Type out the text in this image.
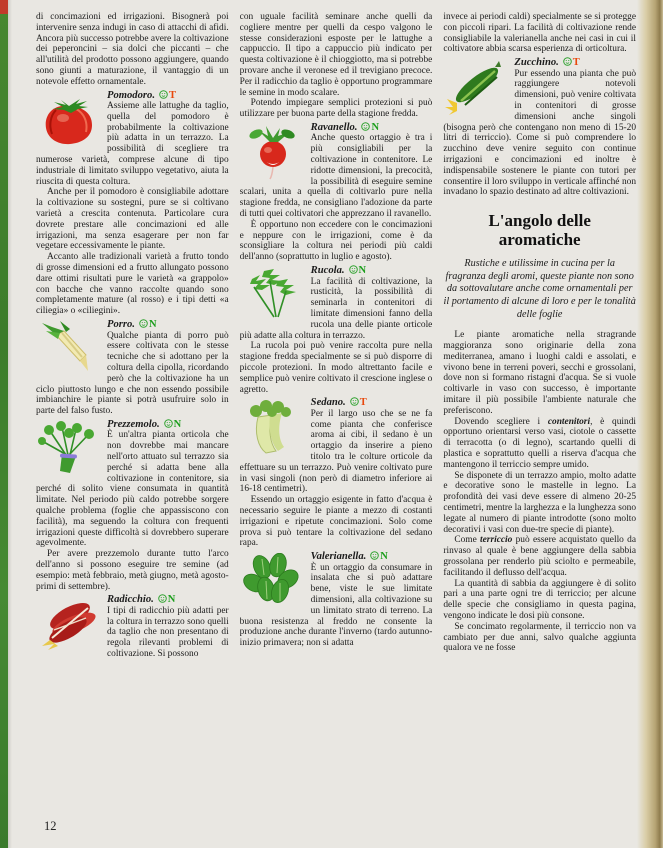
di concimazioni ed irrigazioni. Bisognerà poi intervenire senza indugi in caso di attacchi di afidi. Ancora più successo potrebbe avere la coltivazione dei peperoncini – sia dolci che piccanti – che all'utilità del prodotto possono aggiungere, quando sono giunti a maturazione, il vantaggio di un notevole effetto ornamentale.

Pomodoro. T

Assieme alle lattughe da taglio, quella del pomodoro è probabilmente la coltivazione più adatta in un terrazzo. La possibilità di scegliere tra numerose varietà, comprese alcune di tipo industriale di limitato sviluppo vegetativo, aiuta la riuscita di questa coltura.

Anche per il pomodoro è consigliabile adottare la coltivazione su sostegni, pure se si coltivano varietà a crescita contenuta. Particolare cura dovrete prestare alle concimazioni ed alle irrigazioni, ma senza esagerare per non far vegetare eccessivamente le piante.

Accanto alle tradizionali varietà a frutto tondo di grosse dimensioni ed a frutto allungato possono dare ottimi risultati pure le varietà «a grappolo» con bacche che vanno raccolte quando sono completamente mature (al rosso) e i tipi detti «a ciliegia» o «ciliegini».

Porro. N

Qualche pianta di porro può essere coltivata con le stesse tecniche che si adottano per la coltura della cipolla, ricordando però che la coltivazione ha un ciclo piuttosto lungo e che non essendo possibile imbianchire le piante si potrà usufruire solo in parte del falso fusto.

Prezzemolo. N

È un'altra pianta orticola che non dovrebbe mai mancare nell'orto attuato sul terrazzo sia perché si adatta bene alla coltivazione in contenitore, sia perché di solito viene consumata in quantità limitate. Nel periodo più caldo potrebbe sorgere qualche problema (foglie che appassiscono con facilità), ma seguendo la coltura con frequenti irrigazioni queste difficoltà si dovrebbero superare agevolmente.

Per avere prezzemolo durante tutto l'arco dell'anno si possono eseguire tre semine (ad esempio: metà febbraio, metà giugno, metà agosto-primi di settembre).

Radicchio. N

I tipi di radicchio più adatti per la coltura in terrazzo sono quelli da taglio che non presentano di regola rilevanti problemi di coltivazione. Si possono

con uguale facilità seminare anche quelli da cogliere mentre per quelli da cespo valgono le stesse considerazioni esposte per le lattughe a cappuccio. Il tipo a cappuccio più indicato per questa coltivazione è il chioggiotto, ma si potrebbe provare anche il veronese ed il trevigiano precoce. Per il radicchio da taglio è opportuno programmare le semine in modo scalare.

Potendo impiegare semplici protezioni si può utilizzare per buona parte della stagione fredda.

Ravanello. N

Anche questo ortaggio è tra i più consigliabili per la coltivazione in contenitore. Le ridotte dimensioni, la precocità, la possibilità di eseguire semine scalari, unita a quella di coltivarlo pure nella stagione fredda, ne consigliano l'adozione da parte di tutti quei coltivatori che apprezzano il ravanello.

È opportuno non eccedere con le concimazioni e neppure con le irrigazioni, come è da sconsigliare la coltura nei periodi più caldi dell'anno (soprattutto in luglio e agosto).

Rucola. N

La facilità di coltivazione, la rusticità, la possibilità di seminarla in contenitori di limitate dimensioni fanno della rucola una delle piante orticole più adatte alla coltura in terrazzo.

La rucola poi può venire raccolta pure nella stagione fredda specialmente se si può disporre di piccole protezioni. In modo altrettanto facile e semplice può venire coltivato il crescione inglese o agretto.

Sedano. T

Per il largo uso che se ne fa come pianta che conferisce aroma ai cibi, il sedano è un ortaggio da inserire a pieno titolo tra le colture orticole da effettuare su un terrazzo. Può venire coltivato pure in vasi singoli (non però di diametro inferiore ai 16-18 centimetri).

Essendo un ortaggio esigente in fatto d'acqua è necessario seguire le piante a mezzo di costanti irrigazioni e ripetute concimazioni. Solo come prova si può tentare la coltivazione del sedano rapa.

Valerianella. N

È un ortaggio da consumare in insalata che si può adattare bene, viste le sue limitate dimensioni, alla coltivazione su un limitato strato di terreno. La buona resistenza al freddo ne consente la produzione anche durante l'inverno (tardo autunno-inizio primavera; non si adatta

invece ai periodi caldi) specialmente se si protegge con piccoli ripari. La facilità di coltivazione rende consigliabile la valerianella anche nei casi in cui il coltivatore abbia scarsa esperienza di orticoltura.

Zucchino. T

Pur essendo una pianta che può raggiungere notevoli dimensioni, può venire coltivata in contenitori di grosse dimensioni anche singoli (bisogna però che contengano non meno di 15-20 litri di terriccio). Come si può comprendere lo zucchino deve venire seguito con continue irrigazioni e concimazioni ed inoltre è indispensabile sostenere le piante con tutori per consentire il loro sviluppo in verticale affinché non invadano lo spazio destinato ad altre coltivazioni.

L'angolo delle
aromatiche

Rustiche e utilissime in cucina per la fragranza degli aromi, queste piante non sono da sottovalutare anche come ornamentali per il portamento di alcune di loro e per le tonalità delle foglie

Le piante aromatiche nella stragrande maggioranza sono originarie della zona mediterranea, amano i luoghi caldi e assolati, e vivono bene in terreni poveri, secchi e grossolani, dove non si formano ristagni d'acqua. Se si vuole coltivarle in vaso con successo, è importante imitare il più possibile l'ambiente naturale che preferiscono.

Dovendo scegliere i contenitori, è quindi opportuno orientarsi verso vasi, ciotole o cassette di terracotta (o di legno), scartando quelli di plastica e soprattutto quelli a riserva d'acqua che mantengono il terriccio sempre umido.

Se disponete di un terrazzo ampio, molto adatte e decorative sono le mastelle in legno. La profondità dei vasi deve essere di almeno 20-25 centimetri, mentre la larghezza e la lunghezza sono legate al numero di piante introdotte (sono molto decorativi i vasi con due-tre specie di piante).

Come terriccio può essere acquistato quello da rinvaso al quale è bene aggiungere della sabbia grossolana per renderlo più sciolto e permeabile, facilitando il deflusso dell'acqua.

La quantità di sabbia da aggiungere è di solito pari a una parte ogni tre di terriccio; per alcune delle specie che consigliamo in questa pagina, vengono indicate le dosi più consone.

Se concimato regolarmente, il terriccio non va cambiato per due anni, salvo qualche aggiunta qualora ve ne fosse

12
